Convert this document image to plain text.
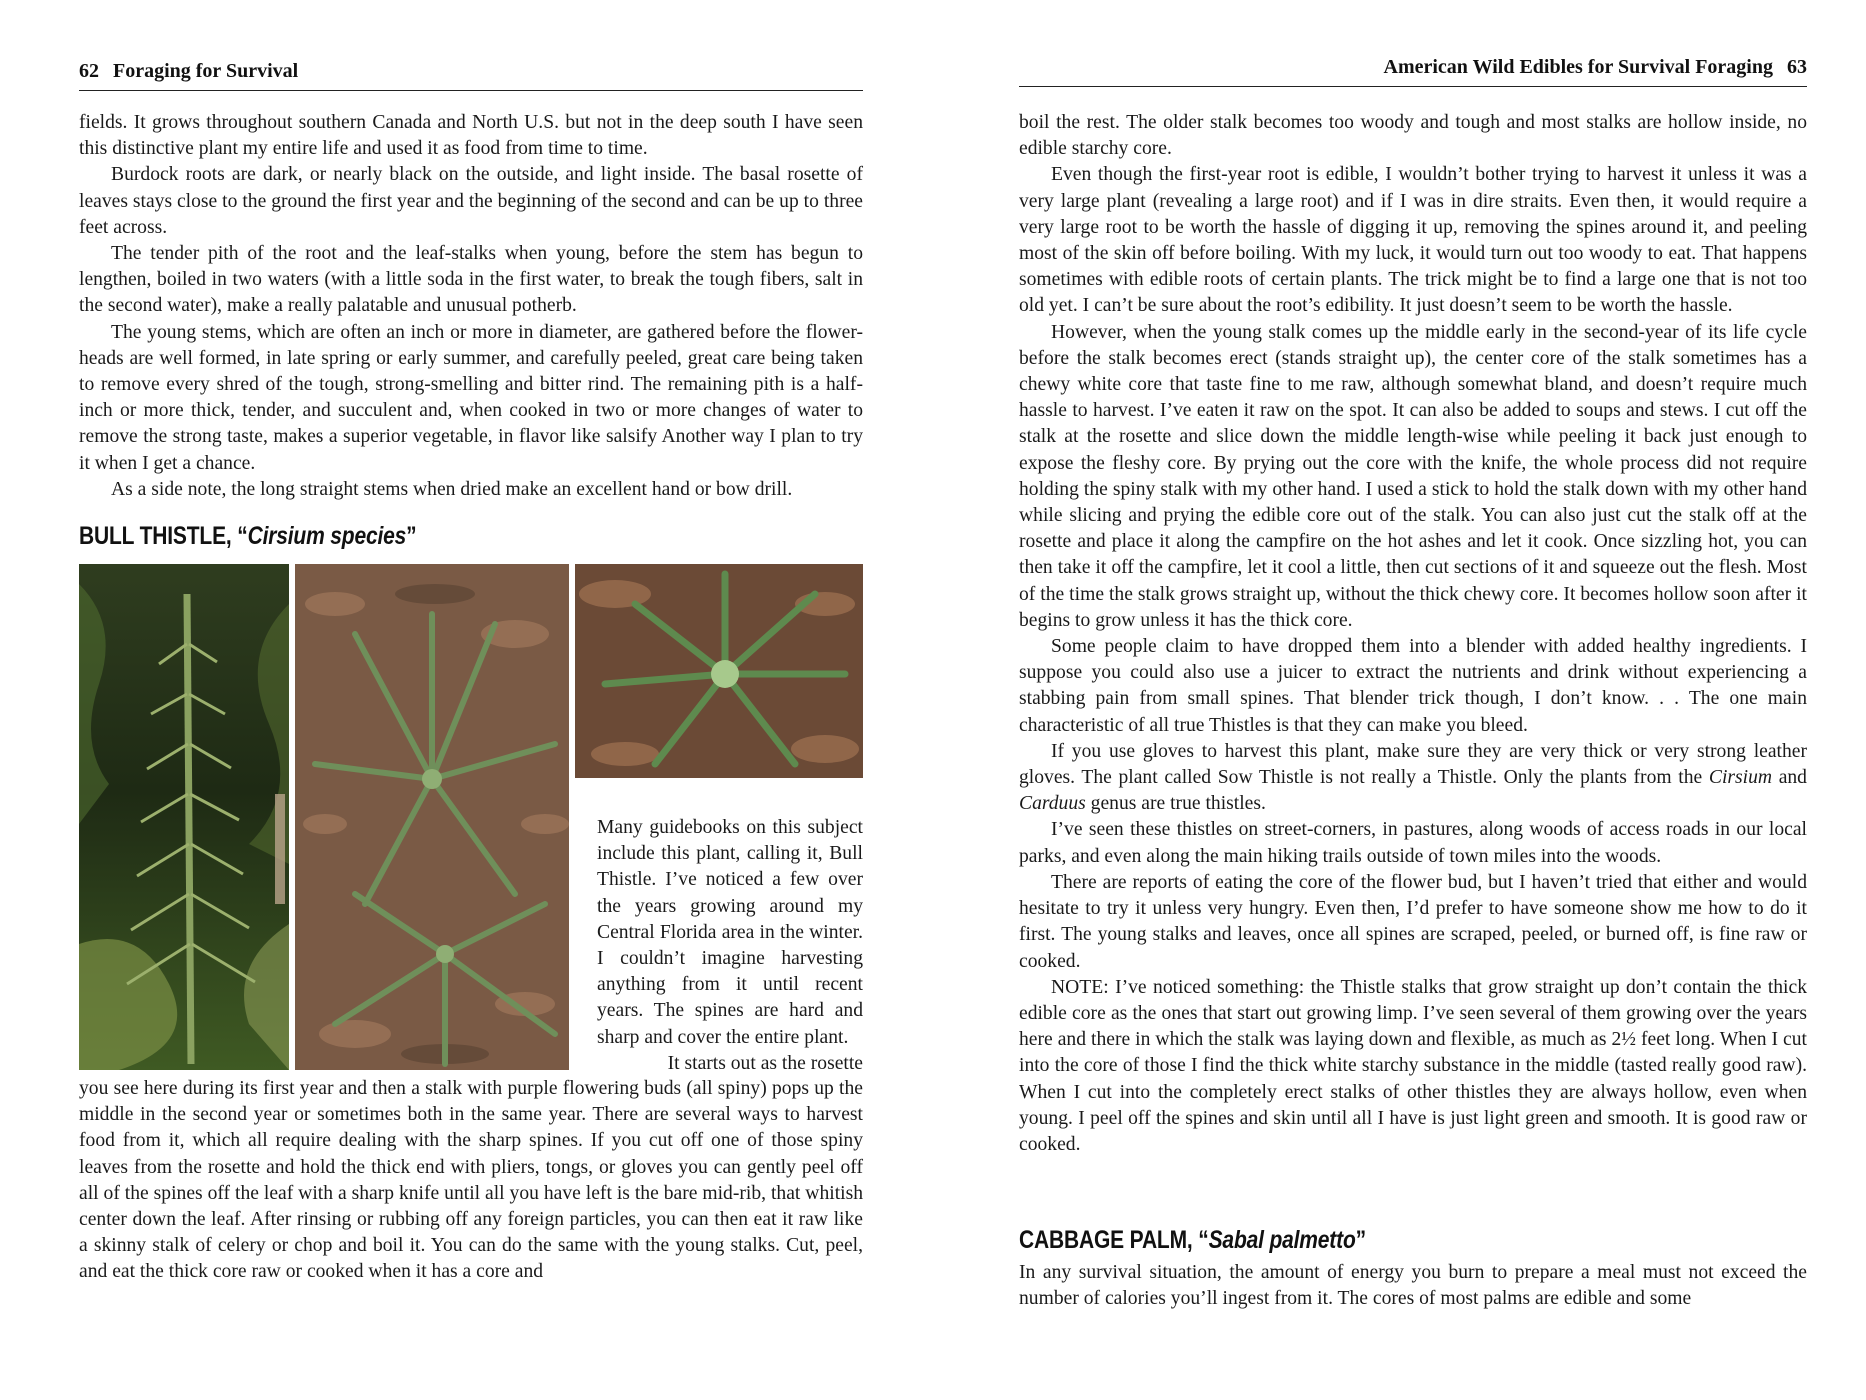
62 Foraging for Survival

fields. It grows throughout southern Canada and North U.S. but not in the deep south I have seen this distinctive plant my entire life and used it as food from time to time.

Burdock roots are dark, or nearly black on the outside, and light inside. The basal rosette of leaves stays close to the ground the first year and the beginning of the second and can be up to three feet across.

The tender pith of the root and the leaf-stalks when young, before the stem has begun to lengthen, boiled in two waters (with a little soda in the first water, to break the tough fibers, salt in the second water), make a really palatable and unusual potherb.

The young stems, which are often an inch or more in diameter, are gathered before the flower-heads are well formed, in late spring or early summer, and carefully peeled, great care being taken to remove every shred of the tough, strong-smelling and bitter rind. The remaining pith is a half-inch or more thick, tender, and succulent and, when cooked in two or more changes of water to remove the strong taste, makes a superior vegetable, in flavor like salsify Another way I plan to try it when I get a chance.

As a side note, the long straight stems when dried make an excellent hand or bow drill.

BULL THISTLE, “Cirsium species”

Many guidebooks on this subject include this plant, calling it, Bull Thistle. I’ve noticed a few over the years growing around my Central Florida area in the winter. I couldn’t imagine harvesting anything from it until recent years. The spines are hard and sharp and cover the entire plant.

It starts out as the rosette

you see here during its first year and then a stalk with purple flowering buds (all spiny) pops up the middle in the second year or sometimes both in the same year. There are several ways to harvest food from it, which all require dealing with the sharp spines. If you cut off one of those spiny leaves from the rosette and hold the thick end with pliers, tongs, or gloves you can gently peel off all of the spines off the leaf with a sharp knife until all you have left is the bare mid-rib, that whitish center down the leaf. After rinsing or rubbing off any foreign particles, you can then eat it raw like a skinny stalk of celery or chop and boil it. You can do the same with the young stalks. Cut, peel, and eat the thick core raw or cooked when it has a core and

American Wild Edibles for Survival Foraging 63

boil the rest. The older stalk becomes too woody and tough and most stalks are hollow inside, no edible starchy core.

Even though the first-year root is edible, I wouldn’t bother trying to harvest it unless it was a very large plant (revealing a large root) and if I was in dire straits. Even then, it would require a very large root to be worth the hassle of digging it up, removing the spines around it, and peeling most of the skin off before boiling. With my luck, it would turn out too woody to eat. That happens sometimes with edible roots of certain plants. The trick might be to find a large one that is not too old yet. I can’t be sure about the root’s edibility. It just doesn’t seem to be worth the hassle.

However, when the young stalk comes up the middle early in the second-year of its life cycle before the stalk becomes erect (stands straight up), the center core of the stalk sometimes has a chewy white core that taste fine to me raw, although somewhat bland, and doesn’t require much hassle to harvest. I’ve eaten it raw on the spot. It can also be added to soups and stews. I cut off the stalk at the rosette and slice down the middle length-wise while peeling it back just enough to expose the fleshy core. By prying out the core with the knife, the whole process did not require holding the spiny stalk with my other hand. I used a stick to hold the stalk down with my other hand while slicing and prying the edible core out of the stalk. You can also just cut the stalk off at the rosette and place it along the campfire on the hot ashes and let it cook. Once sizzling hot, you can then take it off the campfire, let it cool a little, then cut sections of it and squeeze out the flesh. Most of the time the stalk grows straight up, without the thick chewy core. It becomes hollow soon after it begins to grow unless it has the thick core.

Some people claim to have dropped them into a blender with added healthy ingredients. I suppose you could also use a juicer to extract the nutrients and drink without experiencing a stabbing pain from small spines. That blender trick though, I don’t know. . . The one main characteristic of all true Thistles is that they can make you bleed.

If you use gloves to harvest this plant, make sure they are very thick or very strong leather gloves. The plant called Sow Thistle is not really a Thistle. Only the plants from the Cirsium and Carduus genus are true thistles.

I’ve seen these thistles on street-corners, in pastures, along woods of access roads in our local parks, and even along the main hiking trails outside of town miles into the woods.

There are reports of eating the core of the flower bud, but I haven’t tried that either and would hesitate to try it unless very hungry. Even then, I’d prefer to have someone show me how to do it first. The young stalks and leaves, once all spines are scraped, peeled, or burned off, is fine raw or cooked.

NOTE: I’ve noticed something: the Thistle stalks that grow straight up don’t contain the thick edible core as the ones that start out growing limp. I’ve seen several of them growing over the years here and there in which the stalk was laying down and flexible, as much as 2½ feet long. When I cut into the core of those I find the thick white starchy substance in the middle (tasted really good raw). When I cut into the completely erect stalks of other thistles they are always hollow, even when young. I peel off the spines and skin until all I have is just light green and smooth. It is good raw or cooked.

CABBAGE PALM, “Sabal palmetto”

In any survival situation, the amount of energy you burn to prepare a meal must not exceed the number of calories you’ll ingest from it. The cores of most palms are edible and some
